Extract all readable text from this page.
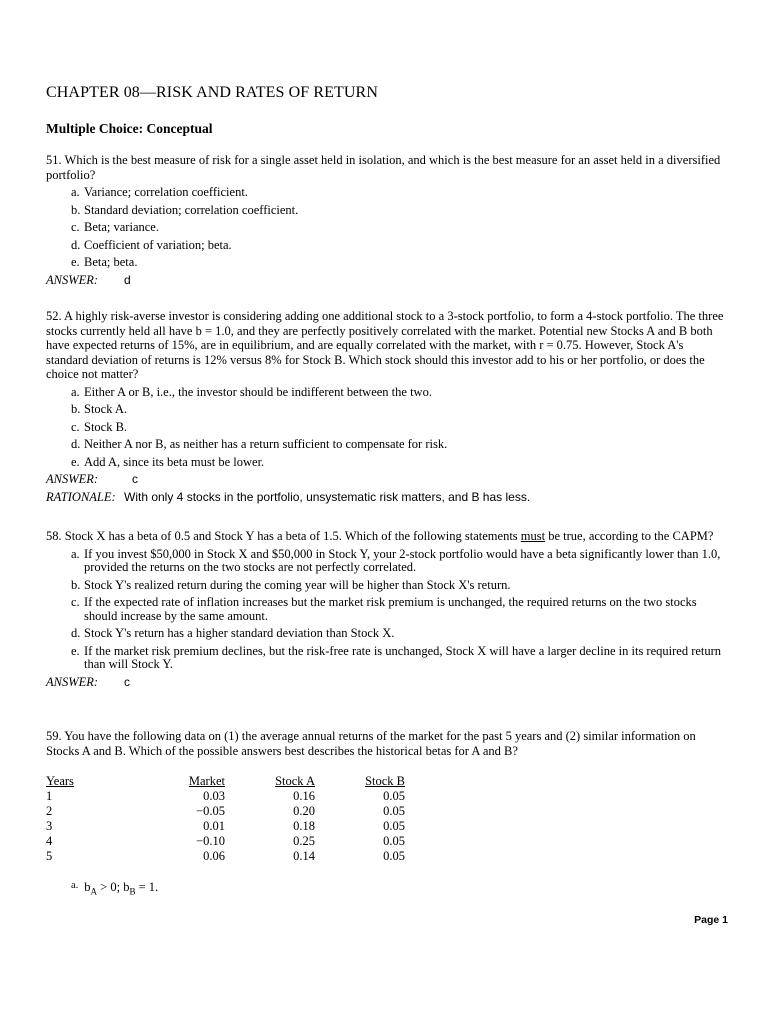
CHAPTER 08—RISK AND RATES OF RETURN
Multiple Choice: Conceptual

51. Which is the best measure of risk for a single asset held in isolation, and which is the best measure for an asset held in a diversified portfolio?

a. Variance; correlation coefficient.
b. Standard deviation; correlation coefficient.
c. Beta; variance.
d. Coefficient of variation; beta.
e. Beta; beta.
ANSWER: d

52. A highly risk-averse investor is considering adding one additional stock to a 3-stock portfolio, to form a 4-stock portfolio. The three stocks currently held all have b = 1.0, and they are perfectly positively correlated with the market. Potential new Stocks A and B both have expected returns of 15%, are in equilibrium, and are equally correlated with the market, with r = 0.75. However, Stock A's standard deviation of returns is 12% versus 8% for Stock B. Which stock should this investor add to his or her portfolio, or does the choice not matter?

a. Either A or B, i.e., the investor should be indifferent between the two.
b. Stock A.
c. Stock B.
d. Neither A nor B, as neither has a return sufficient to compensate for risk.
e. Add A, since its beta must be lower.
ANSWER:	c
RATIONALE: With only 4 stocks in the portfolio, unsystematic risk matters, and B has less.

58. Stock X has a beta of 0.5 and Stock Y has a beta of 1.5. Which of the following statements must be true, according to the CAPM?

a. If you invest $50,000 in Stock X and $50,000 in Stock Y, your 2-stock portfolio would have a beta significantly lower than 1.0, provided the returns on the two stocks are not perfectly correlated.
b. Stock Y's realized return during the coming year will be higher than Stock X's return.
c. If the expected rate of inflation increases but the market risk premium is unchanged, the required returns on the two stocks should increase by the same amount.
d. Stock Y's return has a higher standard deviation than Stock X.
e. If the market risk premium declines, but the risk-free rate is unchanged, Stock X will have a larger decline in its required return than will Stock Y.
ANSWER: c

59. You have the following data on (1) the average annual returns of the market for the past 5 years and (2) similar information on Stocks A and B. Which of the possible answers best describes the historical betas for A and B?

Years	Market	Stock A	Stock B
1	0.03	0.16	0.05
2	−0.05	0.20	0.05
3	0.01	0.18	0.05
4	−0.10	0.25	0.05
5	0.06	0.14	0.05
$^{a.}$ $b_A > 0$; $b_B = 1$.
Page 1
